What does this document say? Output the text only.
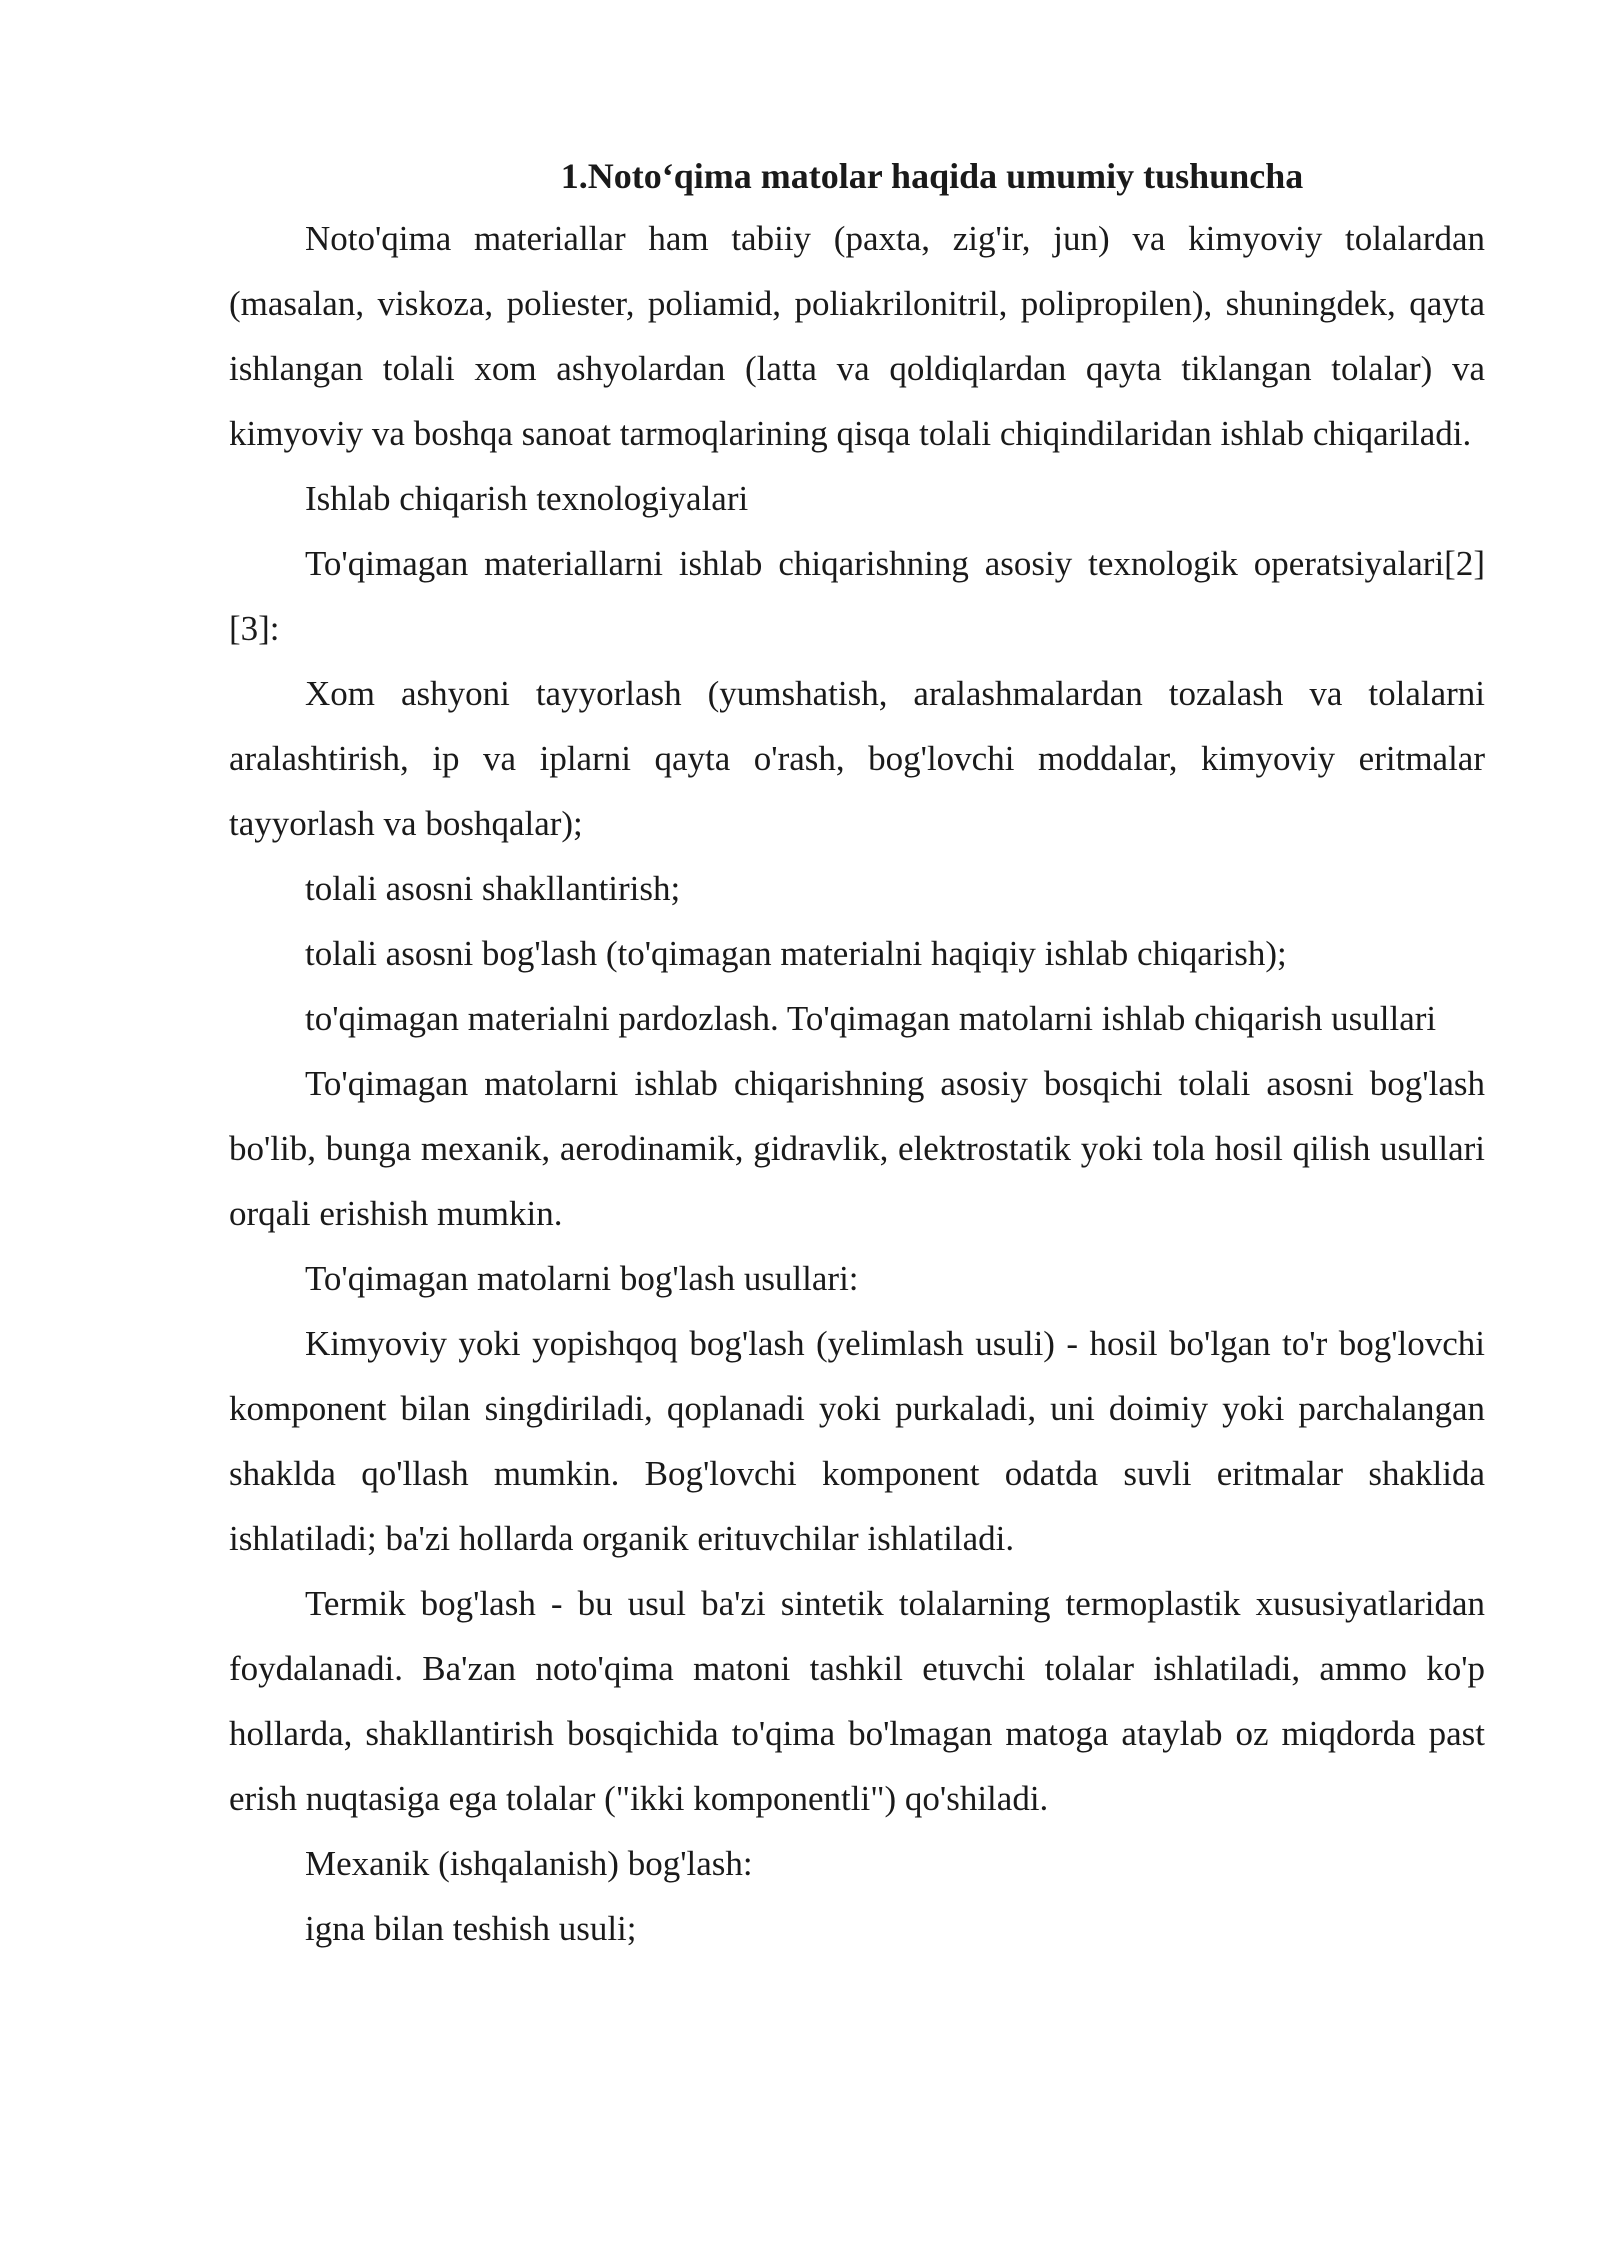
1.Noto‘qima matolar haqida umumiy tushuncha

Noto'qima materiallar ham tabiiy (paxta, zig'ir, jun) va kimyoviy tolalardan (masalan, viskoza, poliester, poliamid, poliakrilonitril, polipropilen), shuningdek, qayta ishlangan tolali xom ashyolardan (latta va qoldiqlardan qayta tiklangan tolalar) va kimyoviy va boshqa sanoat tarmoqlarining qisqa tolali chiqindilaridan ishlab chiqariladi.

Ishlab chiqarish texnologiyalari

To'qimagan materiallarni ishlab chiqarishning asosiy texnologik operatsiyalari[2][3]:

Xom ashyoni tayyorlash (yumshatish, aralashmalardan tozalash va tolalarni aralashtirish, ip va iplarni qayta o'rash, bog'lovchi moddalar, kimyoviy eritmalar tayyorlash va boshqalar);

tolali asosni shakllantirish;

tolali asosni bog'lash (to'qimagan materialni haqiqiy ishlab chiqarish);

to'qimagan materialni pardozlash. To'qimagan matolarni ishlab chiqarish usullari

To'qimagan matolarni ishlab chiqarishning asosiy bosqichi tolali asosni bog'lash bo'lib, bunga mexanik, aerodinamik, gidravlik, elektrostatik yoki tola hosil qilish usullari orqali erishish mumkin.

To'qimagan matolarni bog'lash usullari:

Kimyoviy yoki yopishqoq bog'lash (yelimlash usuli) - hosil bo'lgan to'r bog'lovchi komponent bilan singdiriladi, qoplanadi yoki purkaladi, uni doimiy yoki parchalangan shaklda qo'llash mumkin. Bog'lovchi komponent odatda suvli eritmalar shaklida ishlatiladi; ba'zi hollarda organik erituvchilar ishlatiladi.

Termik bog'lash - bu usul ba'zi sintetik tolalarning termoplastik xususiyatlaridan foydalanadi. Ba'zan noto'qima matoni tashkil etuvchi tolalar ishlatiladi, ammo ko'p hollarda, shakllantirish bosqichida to'qima bo'lmagan matoga ataylab oz miqdorda past erish nuqtasiga ega tolalar ("ikki komponentli") qo'shiladi.

Mexanik (ishqalanish) bog'lash:

igna bilan teshish usuli;
